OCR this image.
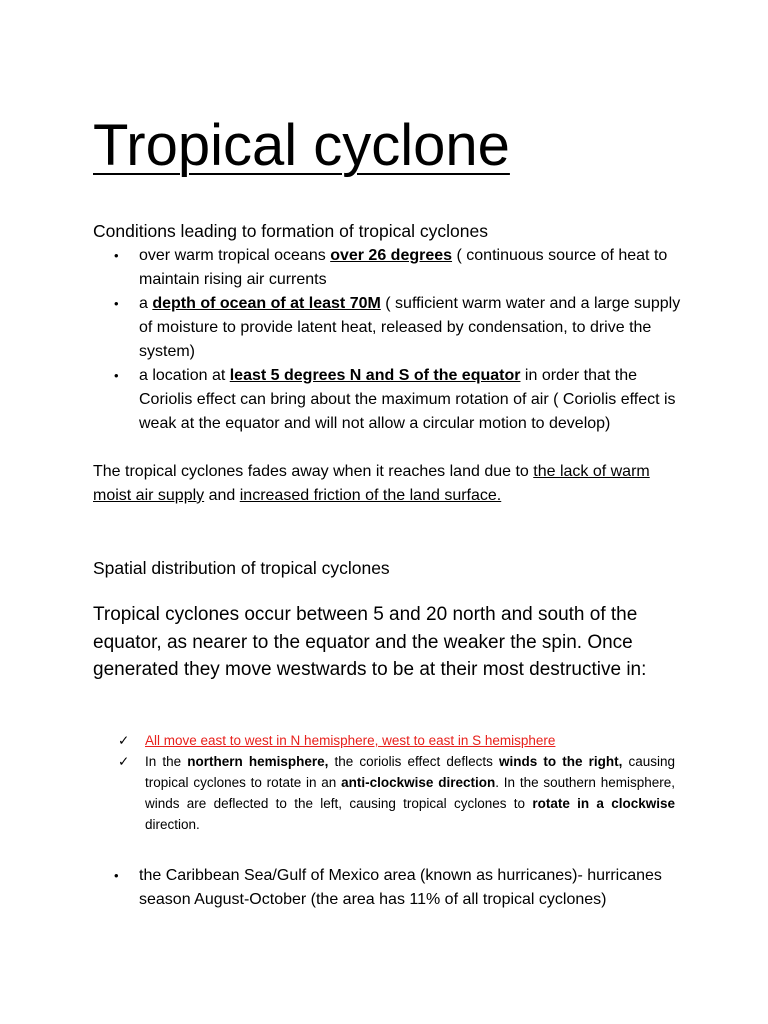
Tropical cyclone

Conditions leading to formation of tropical cyclones

• over warm tropical oceans over 26 degrees ( continuous source of heat to maintain rising air currents
• a depth of ocean of at least 70M ( sufficient warm water and a large supply of moisture to provide latent heat, released by condensation, to drive the system)
• a location at least 5 degrees N and S of the equator in order that the Coriolis effect can bring about the maximum rotation of air ( Coriolis effect is weak at the equator and will not allow a circular motion to develop)

The tropical cyclones fades away when it reaches land due to the lack of warm moist air supply and increased friction of the land surface.

Spatial distribution of tropical cyclones

Tropical cyclones occur between 5 and 20 north and south of the equator, as nearer to the equator and the weaker the spin. Once generated they move westwards to be at their most destructive in:

✓ All move east to west in N hemisphere, west to east in S hemisphere
✓ In the northern hemisphere, the coriolis effect deflects winds to the right, causing tropical cyclones to rotate in an anti-clockwise direction. In the southern hemisphere, winds are deflected to the left, causing tropical cyclones to rotate in a clockwise direction.
• the Caribbean Sea/Gulf of Mexico area (known as hurricanes)- hurricanes season August-October (the area has 11% of all tropical cyclones)
